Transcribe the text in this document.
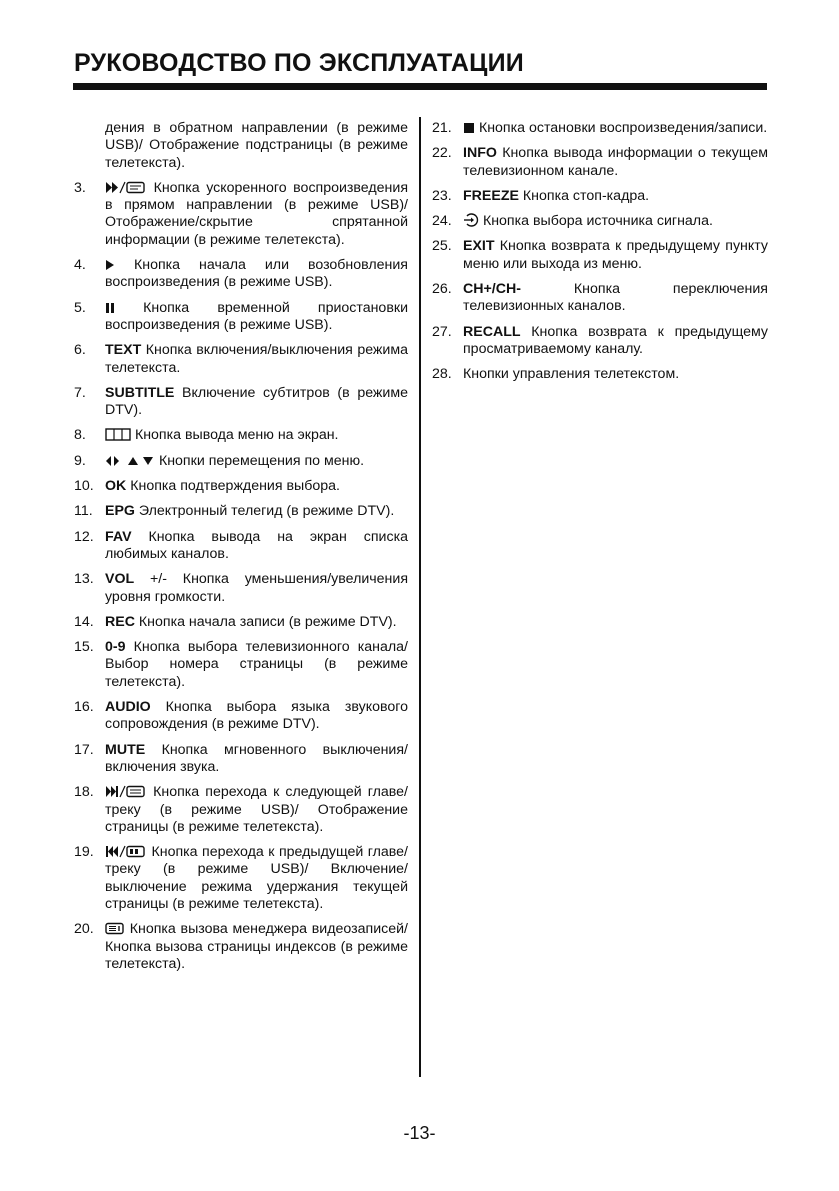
РУКОВОДСТВО ПО ЭКСПЛУАТАЦИИ

дения в обратном направлении (в режиме USB)/ Отображение подстраницы (в режиме телетекста).

3.	Кнопка ускоренного воспроизведения в прямом направлении (в режиме USB)/ Отображение/скрытие спрятанной информации (в режиме телетекста).

4. Кнопка начала или возобновления воспроизведения (в режиме USB).

5. Кнопка временной приостановки воспроизведения (в режиме USB).

6. TEXT Кнопка включения/выключения режима телетекста.

7. SUBTITLE Включение субтитров (в режиме DTV).

8.	Кнопка вывода меню на экран.

9.	Кнопки перемещения по меню.

10. OK Кнопка подтверждения выбора.

11. EPG Электронный телегид (в режиме DTV).

12. FAV Кнопка вывода на экран списка любимых каналов.

13. VOL +/- Кнопка уменьшения/увеличения уровня громкости.

14. REC Кнопка начала записи (в режиме DTV).

15. 0-9 Кнопка выбора телевизионного канала/ Выбор номера страницы (в режиме телетекста).

16. AUDIO Кнопка выбора языка звукового сопровождения (в режиме DTV).

17. MUTE Кнопка мгновенного выключения/включения звука.

18.	Кнопка перехода к следующей главе/треку (в режиме USB)/ Отображение страницы (в режиме телетекста).

19.	Кнопка перехода к предыдущей главе/треку (в режиме USB)/ Включение/выключение режима удержания текущей страницы (в режиме телетекста).

20. Кнопка вызова менеджера видеозаписей/ Кнопка вызова страницы индексов (в режиме телетекста).

21. Кнопка остановки воспроизведения/записи.

22. INFO Кнопка вывода информации о текущем телевизионном канале.

23. FREEZE Кнопка стоп-кадра.

24. Кнопка выбора источника сигнала.

25. EXIT Кнопка возврата к предыдущему пункту меню или выхода из меню.

26. CH+/CH- Кнопка переключения телевизионных каналов.

27. RECALL Кнопка возврата к предыдущему просматриваемому каналу.

28. Кнопки управления телетекстом.

-13-
